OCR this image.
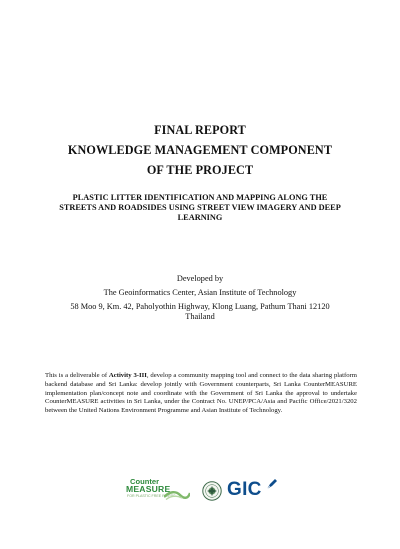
FINAL REPORT
KNOWLEDGE MANAGEMENT COMPONENT
OF THE PROJECT
PLASTIC LITTER IDENTIFICATION AND MAPPING ALONG THE
STREETS AND ROADSIDES USING STREET VIEW IMAGERY AND DEEP
LEARNING
Developed by
The Geoinformatics Center, Asian Institute of Technology
58 Moo 9, Km. 42, Paholyothin Highway, Klong Luang, Pathum Thani 12120
Thailand
This is a deliverable of Activity 3-III, develop a community mapping tool and connect to the data sharing platform backend database and Sri Lanka: develop jointly with Government counterparts, Sri Lanka CounterMEASURE implementation plan/concept note and coordinate with the Government of Sri Lanka the approval to undertake CounterMEASURE activities in Sri Lanka, under the Contract No. UNEP/PCA/Asia and Pacific Office/2021/3202 between the United Nations Environment Programme and Asian Institute of Technology.
Counter
MEASURE
FOR PLASTIC FREE RIVERS	GIC
